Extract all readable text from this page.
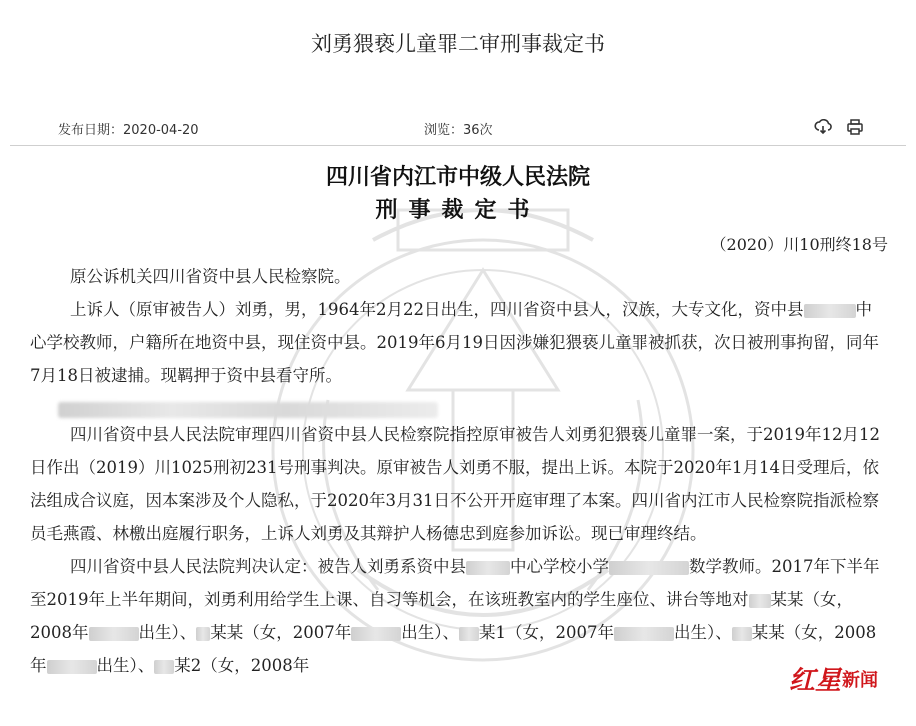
刘勇猥亵儿童罪二审刑事裁定书
发布日期：2020-04-20	浏览：36次
四川省内江市中级人民法院
刑事裁定书
（2020）川10刑终18号

原公诉机关四川省资中县人民检察院。

上诉人（原审被告人）刘勇，男，1964年2月22日出生，四川省资中县人，汉族，大专文化，资中县	中心学校教师，户籍所在地资中县，现住资中县。2019年6月19日因涉嫌犯猥亵儿童罪被抓获，次日被刑事拘留，同年7月18日被逮捕。现羁押于资中县看守所。

四川省资中县人民法院审理四川省资中县人民检察院指控原审被告人刘勇犯猥亵儿童罪一案，于2019年12月12日作出（2019）川1025刑初231号刑事判决。原审被告人刘勇不服，提出上诉。本院于2020年1月14日受理后，依法组成合议庭，因本案涉及个人隐私，于2020年3月31日不公开开庭审理了本案。四川省内江市人民检察院指派检察员毛燕霞、林檄出庭履行职务，上诉人刘勇及其辩护人杨德忠到庭参加诉讼。现已审理终结。

四川省资中县人民法院判决认定：被告人刘勇系资中县	中心学校小学	数学教师。2017年下半年至2019年上半年期间，刘勇利用给学生上课、自习等机会，在该班教室内的学生座位、讲台等地对 某某（女，2008年	出生）、 某某（女，2007年	出生）、 某1（女，2007年	出生）、 某某（女，2008年	出生）、 某2（女，2008年

红星 新闻
